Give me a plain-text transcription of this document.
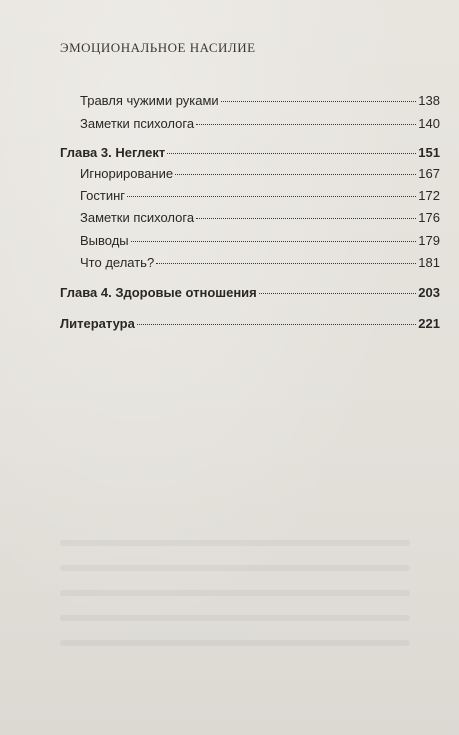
ЭМОЦИОНАЛЬНОЕ НАСИЛИЕ
Травля чужими руками	138
Заметки психолога	140
Глава 3. Неглект	151
Игнорирование	167
Гостинг	172
Заметки психолога	176
Выводы	179
Что делать?	181
Глава 4. Здоровые отношения	203
Литература	221
